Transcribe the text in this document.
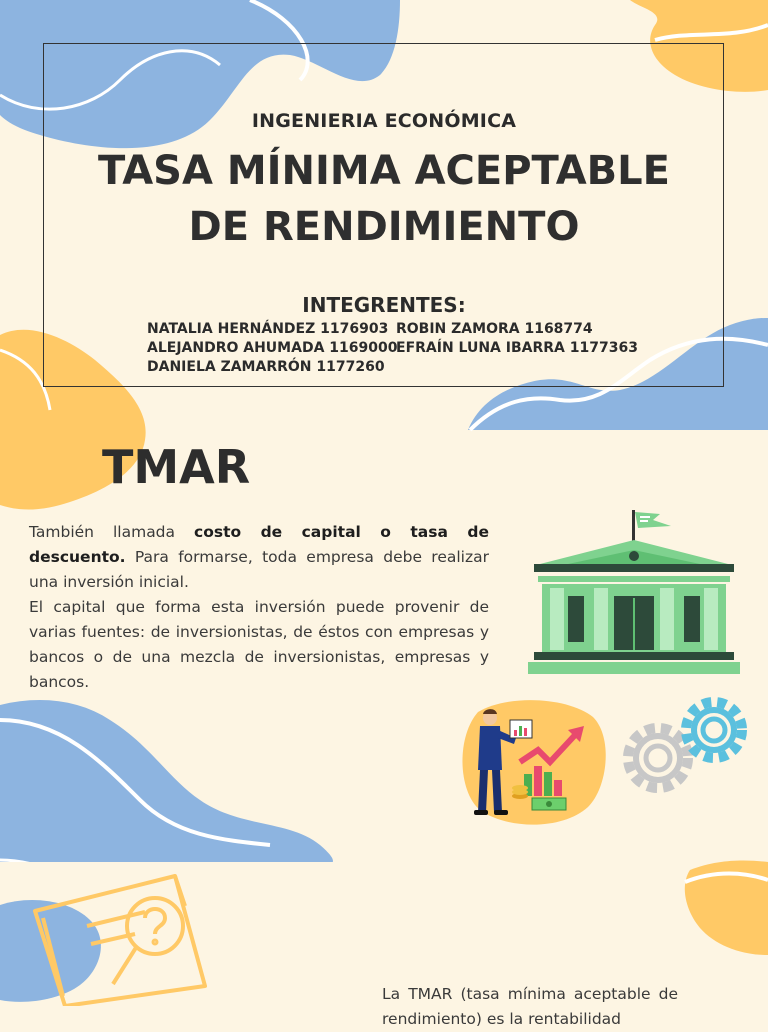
INGENIERIA ECONÓMICA
TASA MÍNIMA ACEPTABLE
DE RENDIMIENTO
INTEGRENTES:
NATALIA HERNÁNDEZ 1176903
ALEJANDRO AHUMADA 1169000
DANIELA ZAMARRÓN 1177260
ROBIN ZAMORA 1168774
EFRAÍN LUNA IBARRA 1177363
TMAR

También llamada costo de capital o tasa de descuento. Para formarse, toda empresa debe realizar una inversión inicial.

El capital que forma esta inversión puede provenir de varias fuentes: de inversionistas, de éstos con empresas y bancos o de una mezcla de inversionistas, empresas y bancos.

La TMAR (tasa mínima aceptable de rendimiento) es la rentabilidad
